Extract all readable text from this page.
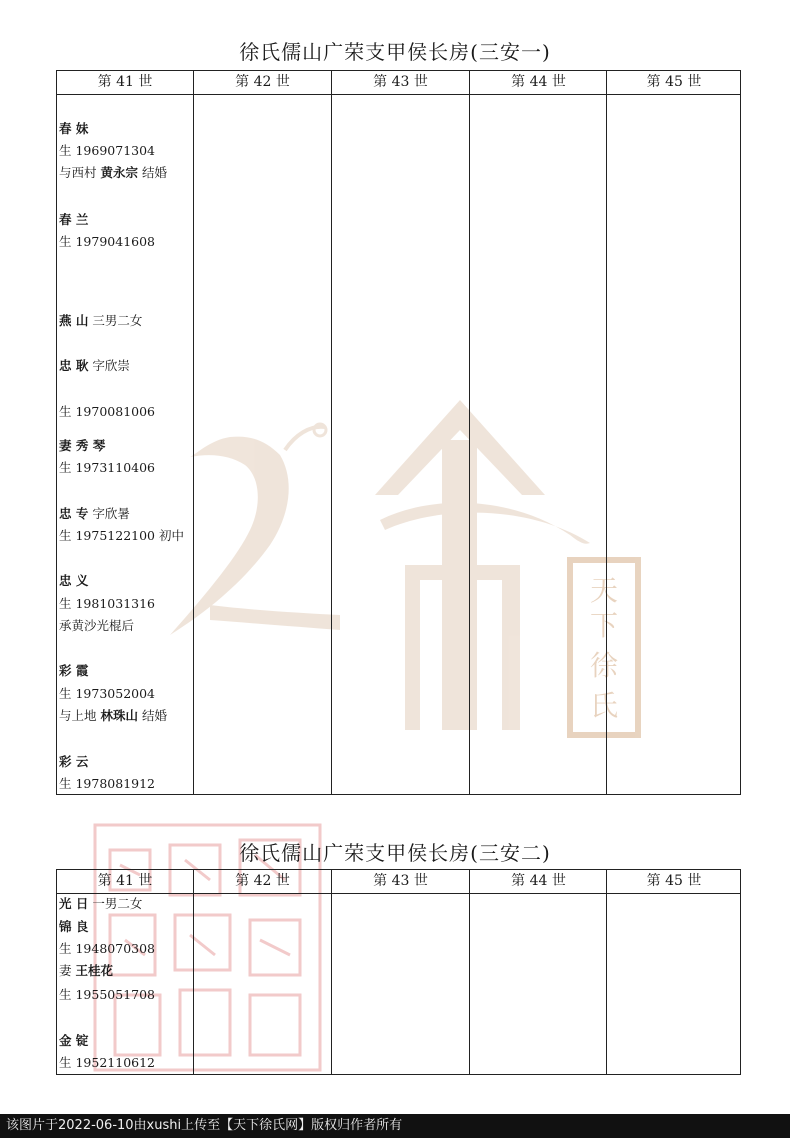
天
下
徐
氏
徐氏儒山广荣支甲侯长房(三安一)
第 41 世	第 42 世	第 43 世	第 44 世	第 45 世
春 妹
生 1969071304
与西村 黄永宗 结婚
春 兰
生 1979041608
燕 山 三男二女
忠 耿 字欣崇
生 1970081006
妻 秀 琴
生 1973110406
忠 专 字欣暑
生 1975122100 初中
忠 义
生 1981031316
承黄沙光棍后
彩 霞
生 1973052004
与上地 林珠山 结婚
彩 云
生 1978081912
徐氏儒山广荣支甲侯长房(三安二)
第 41 世	第 42 世	第 43 世	第 44 世	第 45 世
光 日 一男二女
锦 良
生 1948070308
妻 王桂花
生 1955051708
金 锭
生 1952110612
该图片于2022-06-10由xushi上传至【天下徐氏网】版权归作者所有
